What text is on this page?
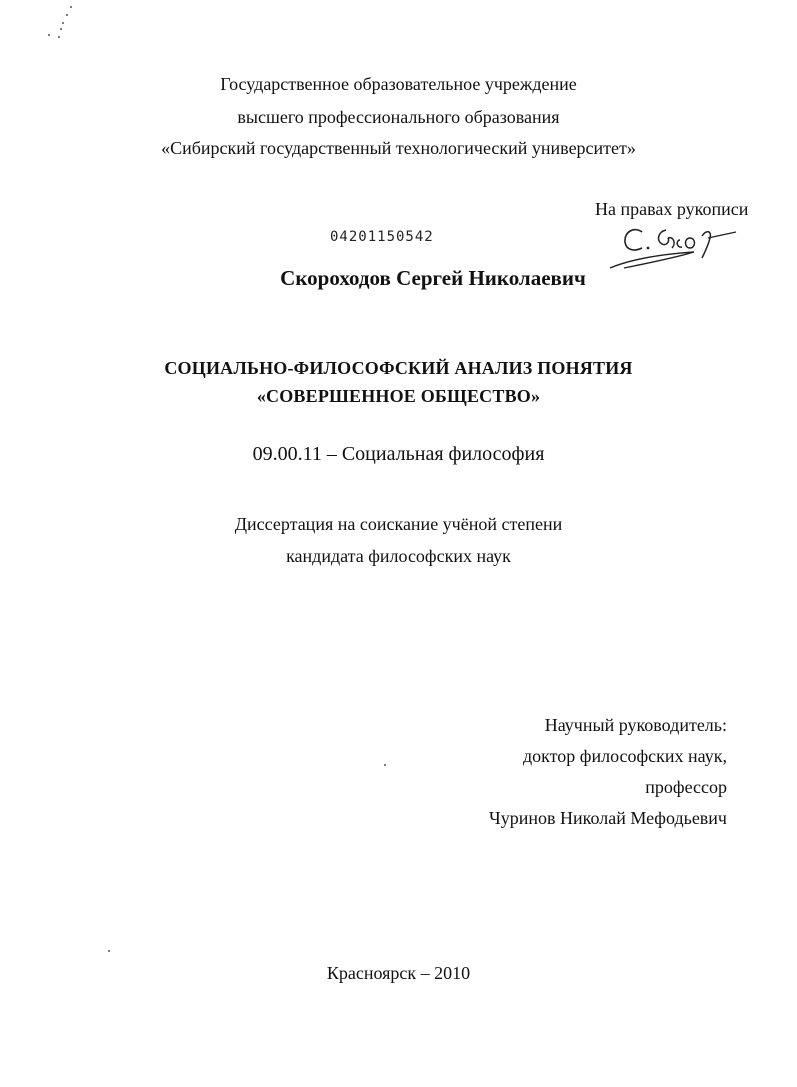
Государственное образовательное учреждение
высшего профессионального образования
«Сибирский государственный технологический университет»
На правах рукописи
04201150542
Скороходов Сергей Николаевич
СОЦИАЛЬНО-ФИЛОСОФСКИЙ АНАЛИЗ ПОНЯТИЯ
«СОВЕРШЕННОЕ ОБЩЕСТВО»
09.00.11 – Социальная философия
Диссертация на соискание учёной степени
кандидата философских наук
Научный руководитель:
доктор философских наук,
профессор
Чуринов Николай Мефодьевич
Красноярск – 2010
